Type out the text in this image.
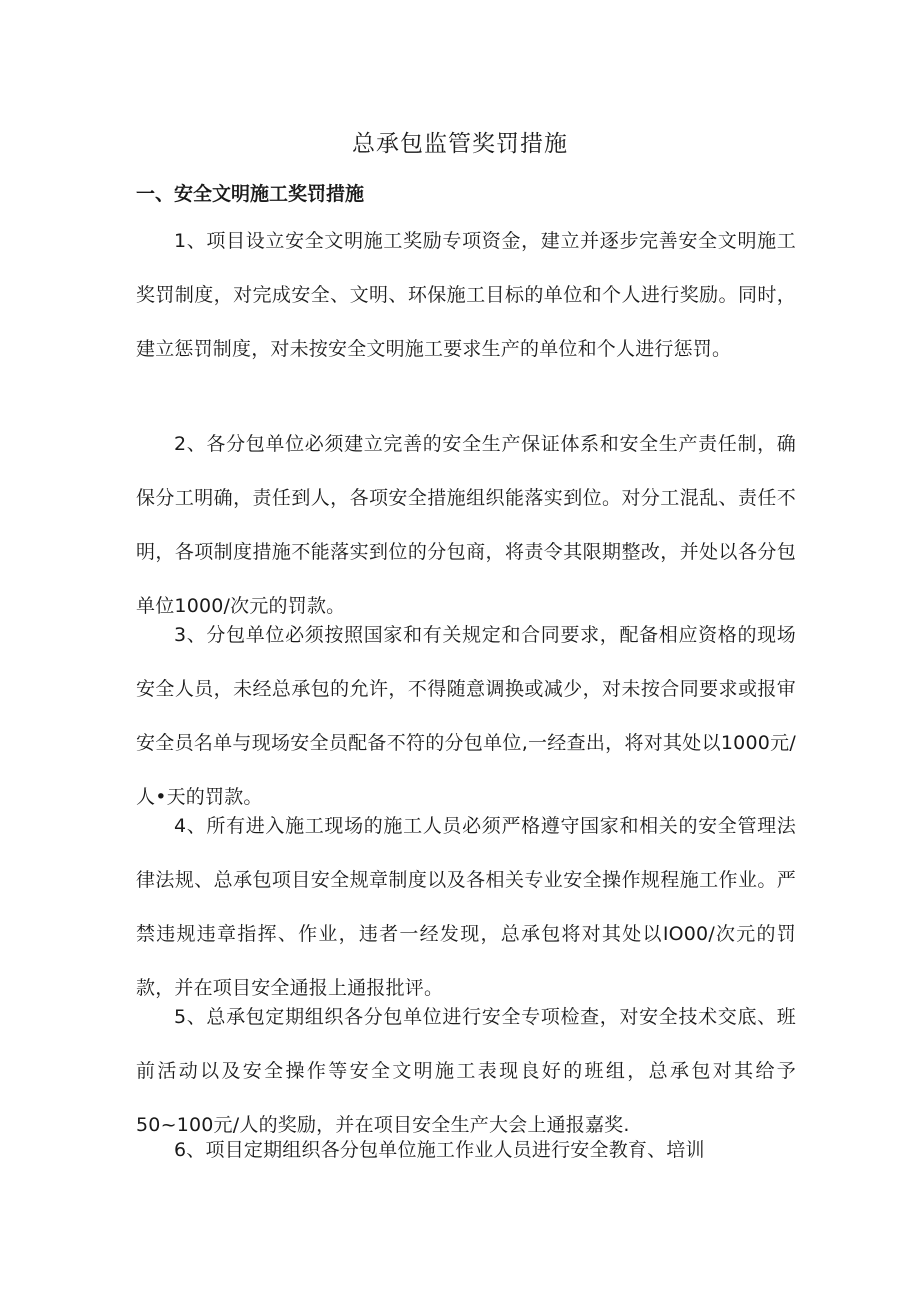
总承包监管奖罚措施
一、安全文明施工奖罚措施

1、项目设立安全文明施工奖励专项资金，建立并逐步完善安全文明施工奖罚制度，对完成安全、文明、环保施工目标的单位和个人进行奖励。同时，建立惩罚制度，对未按安全文明施工要求生产的单位和个人进行惩罚。

2、各分包单位必须建立完善的安全生产保证体系和安全生产责任制，确保分工明确，责任到人，各项安全措施组织能落实到位。对分工混乱、责任不明，各项制度措施不能落实到位的分包商，将责令其限期整改，并处以各分包单位1000/次元的罚款。

3、分包单位必须按照国家和有关规定和合同要求，配备相应资格的现场安全人员，未经总承包的允许，不得随意调换或减少，对未按合同要求或报审安全员名单与现场安全员配备不符的分包单位,一经查出，将对其处以1000元/人•天的罚款。

4、所有进入施工现场的施工人员必须严格遵守国家和相关的安全管理法律法规、总承包项目安全规章制度以及各相关专业安全操作规程施工作业。严禁违规违章指挥、作业，违者一经发现，总承包将对其处以IO00/次元的罚款，并在项目安全通报上通报批评。

5、总承包定期组织各分包单位进行安全专项检查，对安全技术交底、班前活动以及安全操作等安全文明施工表现良好的班组，总承包对其给予50~100元/人的奖励，并在项目安全生产大会上通报嘉奖.

6、项目定期组织各分包单位施工作业人员进行安全教育、培训
